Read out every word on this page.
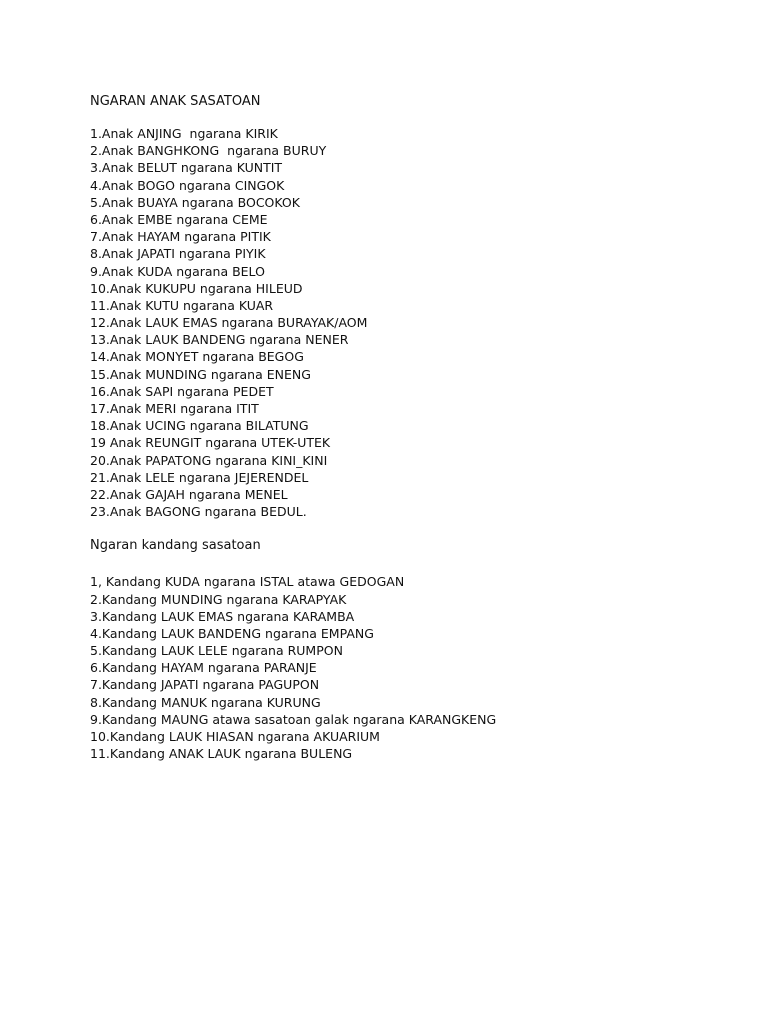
NGARAN ANAK SASATOAN

1.Anak ANJING  ngarana KIRIK
2.Anak BANGHKONG  ngarana BURUY
3.Anak BELUT ngarana KUNTIT
4.Anak BOGO ngarana CINGOK
5.Anak BUAYA ngarana BOCOKOK
6.Anak EMBE ngarana CEME
7.Anak HAYAM ngarana PITIK
8.Anak JAPATI ngarana PIYIK
9.Anak KUDA ngarana BELO
10.Anak KUKUPU ngarana HILEUD
11.Anak KUTU ngarana KUAR
12.Anak LAUK EMAS ngarana BURAYAK/AOM
13.Anak LAUK BANDENG ngarana NENER
14.Anak MONYET ngarana BEGOG
15.Anak MUNDING ngarana ENENG
16.Anak SAPI ngarana PEDET
17.Anak MERI ngarana ITIT
18.Anak UCING ngarana BILATUNG
19 Anak REUNGIT ngarana UTEK-UTEK
20.Anak PAPATONG ngarana KINI_KINI
21.Anak LELE ngarana JEJERENDEL
22.Anak GAJAH ngarana MENEL
23.Anak BAGONG ngarana BEDUL.

Ngaran kandang sasatoan

1, Kandang KUDA ngarana ISTAL atawa GEDOGAN
2.Kandang MUNDING ngarana KARAPYAK
3.Kandang LAUK EMAS ngarana KARAMBA
4.Kandang LAUK BANDENG ngarana EMPANG
5.Kandang LAUK LELE ngarana RUMPON
6.Kandang HAYAM ngarana PARANJE
7.Kandang JAPATI ngarana PAGUPON
8.Kandang MANUK ngarana KURUNG
9.Kandang MAUNG atawa sasatoan galak ngarana KARANGKENG
10.Kandang LAUK HIASAN ngarana AKUARIUM
11.Kandang ANAK LAUK ngarana BULENG
